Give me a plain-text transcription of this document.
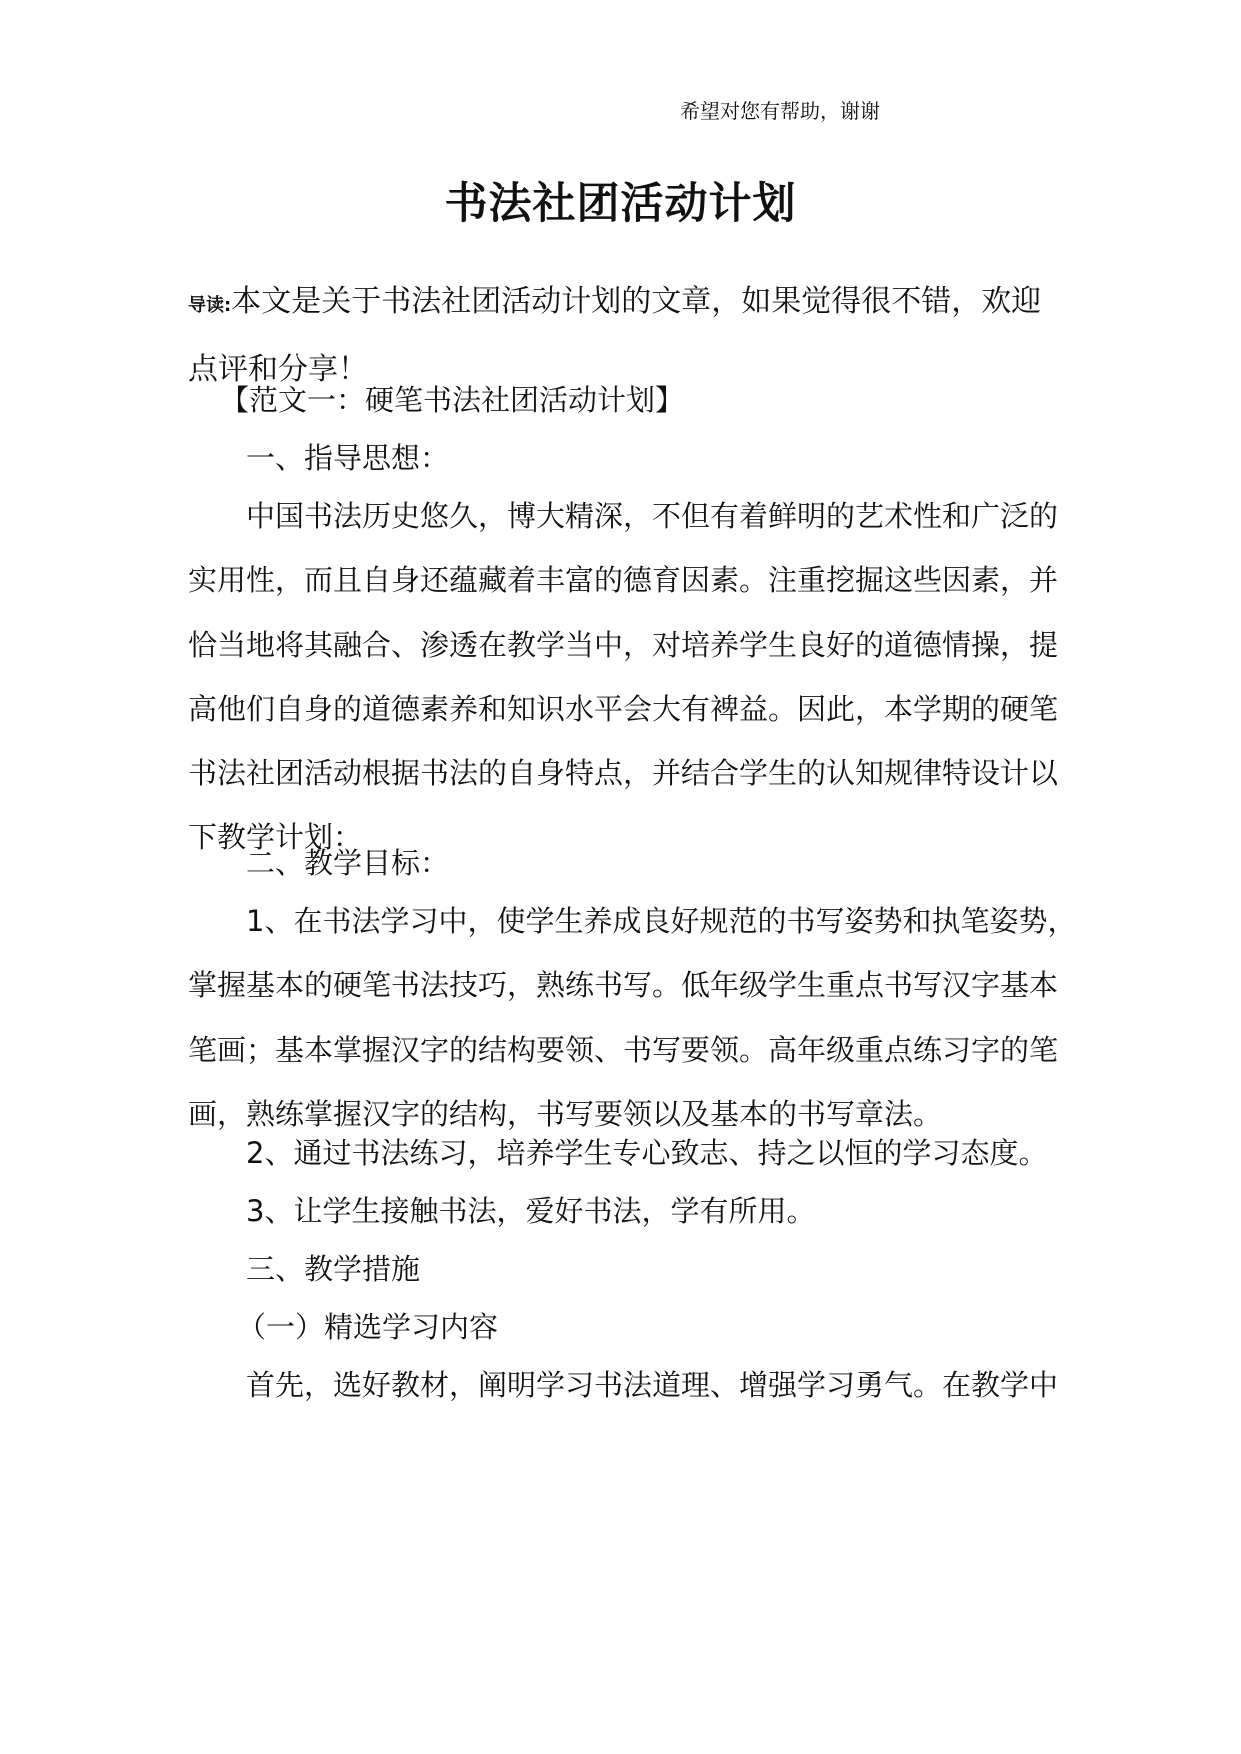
希望对您有帮助，谢谢
书法社团活动计划

导读:本文是关于书法社团活动计划的文章，如果觉得很不错，欢迎点评和分享！

【范文一：硬笔书法社团活动计划】

一、指导思想：

中国书法历史悠久，博大精深，不但有着鲜明的艺术性和广泛的实用性，而且自身还蕴藏着丰富的德育因素。注重挖掘这些因素，并恰当地将其融合、渗透在教学当中，对培养学生良好的道德情操，提高他们自身的道德素养和知识水平会大有裨益。因此，本学期的硬笔书法社团活动根据书法的自身特点，并结合学生的认知规律特设计以下教学计划：

二、教学目标：

1、在书法学习中，使学生养成良好规范的书写姿势和执笔姿势，掌握基本的硬笔书法技巧，熟练书写。低年级学生重点书写汉字基本笔画；基本掌握汉字的结构要领、书写要领。高年级重点练习字的笔画，熟练掌握汉字的结构，书写要领以及基本的书写章法。

2、通过书法练习，培养学生专心致志、持之以恒的学习态度。

3、让学生接触书法，爱好书法，学有所用。

三、教学措施

（一）精选学习内容

首先，选好教材，阐明学习书法道理、增强学习勇气。在教学中
